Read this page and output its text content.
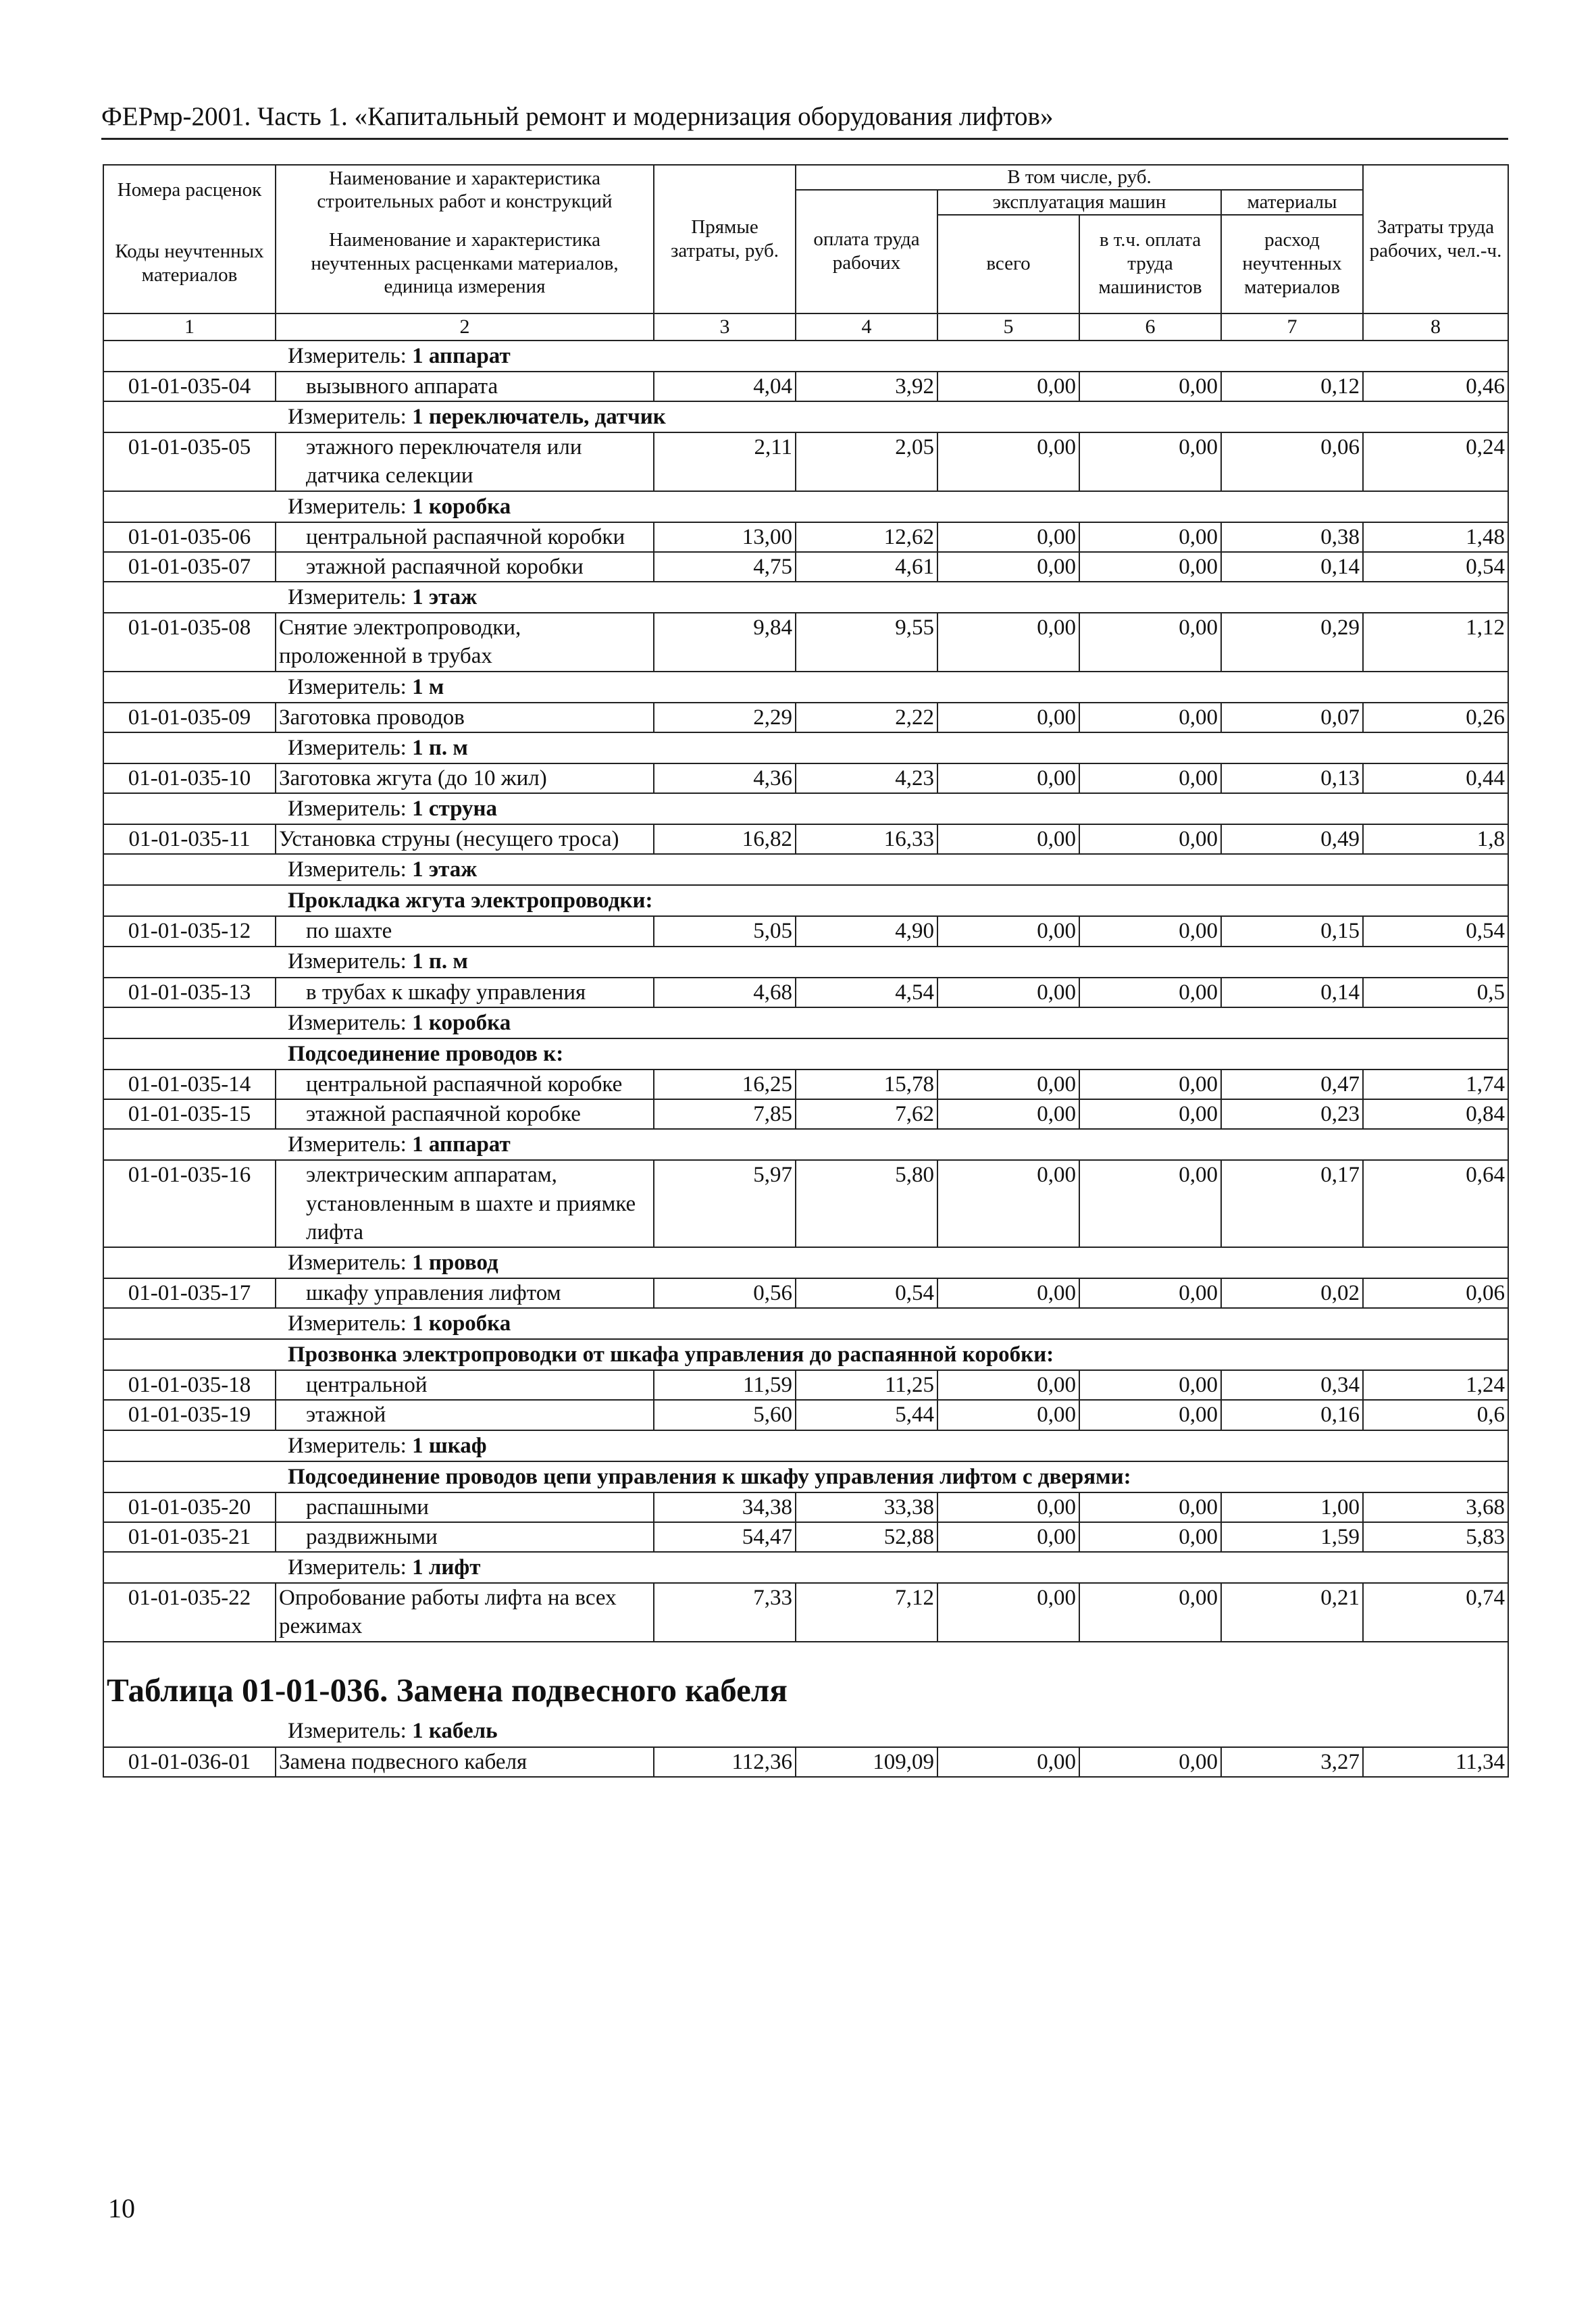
ФЕРмр-2001. Часть 1. «Капитальный ремонт и модернизация оборудования лифтов»
Номера расценок	Наименование и характеристика строительных работ и конструкций	Прямые затраты, руб.	В том числе, руб.				Затраты труда рабочих, чел.-ч.
			оплата труда рабочих	эксплуатация машин		материалы	
Коды неучтенных материалов	Наименование и характеристика неучтенных расценками материалов, единица измерения			всего	в т.ч. оплата труда машинистов	расход неучтенных материалов	

1	2	3	4	5	6	7	8
Измеритель: 1 аппарат							
01-01-035-04	вызывного аппарата	4,04	3,92	0,00	0,00	0,12	0,46
Измеритель: 1 переключатель, датчик							
01-01-035-05	этажного переключателя или датчика селекции	2,11	2,05	0,00	0,00	0,06	0,24
Измеритель: 1 коробка							
01-01-035-06	центральной распаячной коробки	13,00	12,62	0,00	0,00	0,38	1,48
01-01-035-07	этажной распаячной коробки	4,75	4,61	0,00	0,00	0,14	0,54
Измеритель: 1 этаж							
01-01-035-08	Снятие электропроводки, проложенной в трубах	9,84	9,55	0,00	0,00	0,29	1,12
Измеритель: 1 м							
01-01-035-09	Заготовка проводов	2,29	2,22	0,00	0,00	0,07	0,26
Измеритель: 1 п. м							
01-01-035-10	Заготовка жгута (до 10 жил)	4,36	4,23	0,00	0,00	0,13	0,44
Измеритель: 1 струна							
01-01-035-11	Установка струны (несущего троса)	16,82	16,33	0,00	0,00	0,49	1,8
Измеритель: 1 этаж							
Прокладка жгута электропроводки:							
01-01-035-12	по шахте	5,05	4,90	0,00	0,00	0,15	0,54
Измеритель: 1 п. м							
01-01-035-13	в трубах к шкафу управления	4,68	4,54	0,00	0,00	0,14	0,5
Измеритель: 1 коробка							
Подсоединение проводов к:							
01-01-035-14	центральной распаячной коробке	16,25	15,78	0,00	0,00	0,47	1,74
01-01-035-15	этажной распаячной коробке	7,85	7,62	0,00	0,00	0,23	0,84
Измеритель: 1 аппарат							
01-01-035-16	электрическим аппаратам, установленным в шахте и приямке лифта	5,97	5,80	0,00	0,00	0,17	0,64
Измеритель: 1 провод							
01-01-035-17	шкафу управления лифтом	0,56	0,54	0,00	0,00	0,02	0,06
Измеритель: 1 коробка							
Прозвонка электропроводки от шкафа управления до распаянной коробки:							
01-01-035-18	центральной	11,59	11,25	0,00	0,00	0,34	1,24
01-01-035-19	этажной	5,60	5,44	0,00	0,00	0,16	0,6
Измеритель: 1 шкаф							
Подсоединение проводов цепи управления к шкафу управления лифтом с дверями:							
01-01-035-20	распашными	34,38	33,38	0,00	0,00	1,00	3,68
01-01-035-21	раздвижными	54,47	52,88	0,00	0,00	1,59	5,83
Измеритель: 1 лифт							
01-01-035-22	Опробование работы лифта на всех режимах	7,33	7,12	0,00	0,00	0,21	0,74

Таблица 01-01-036. Замена подвесного кабеля							
Измеритель: 1 кабель							
01-01-036-01	Замена подвесного кабеля	112,36	109,09	0,00	0,00	3,27	11,34
10
